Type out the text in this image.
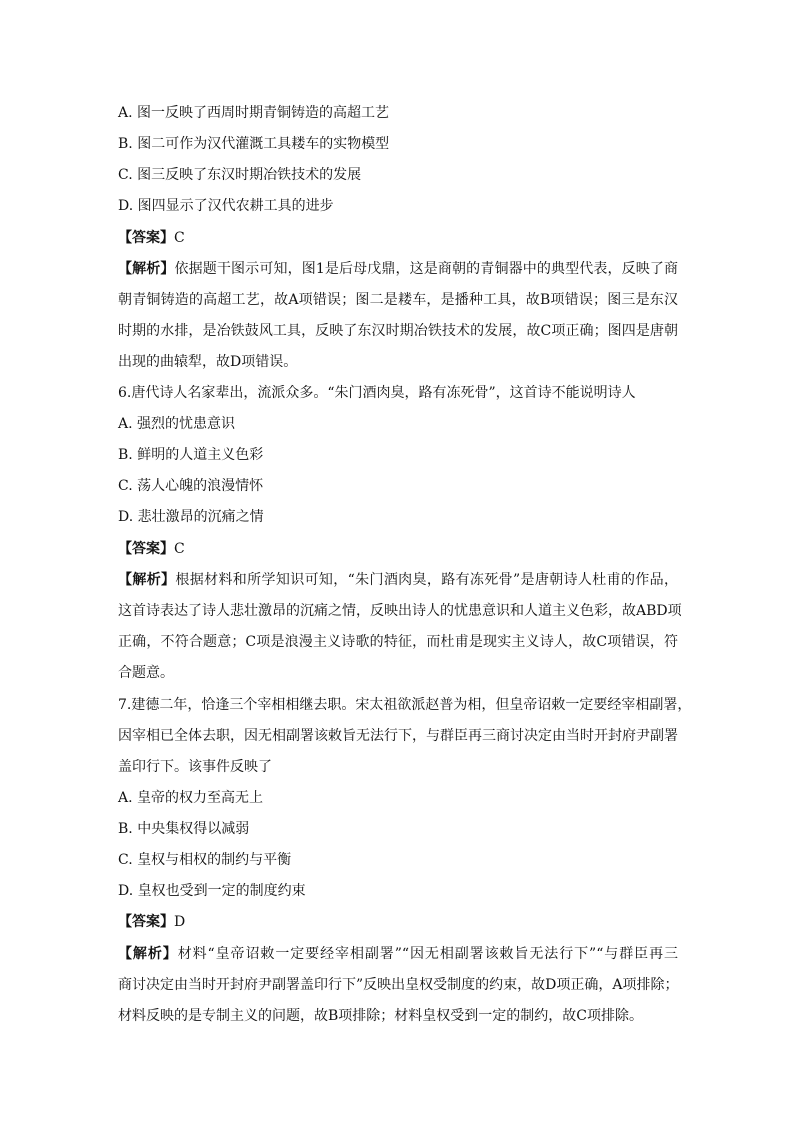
A. 图一反映了西周时期青铜铸造的高超工艺
B. 图二可作为汉代灌溉工具耧车的实物模型
C. 图三反映了东汉时期冶铁技术的发展
D. 图四显示了汉代农耕工具的进步
【答案】C
【解析】依据题干图示可知，图1是后母戊鼎，这是商朝的青铜器中的典型代表，反映了商
朝青铜铸造的高超工艺，故A项错误；图二是耧车，是播种工具，故B项错误；图三是东汉
时期的水排，是冶铁鼓风工具，反映了东汉时期冶铁技术的发展，故C项正确；图四是唐朝
出现的曲辕犁，故D项错误。
6.唐代诗人名家辈出，流派众多。“朱门酒肉臭，路有冻死骨”，这首诗不能说明诗人
A. 强烈的忧患意识
B. 鲜明的人道主义色彩
C. 荡人心魄的浪漫情怀
D. 悲壮激昂的沉痛之情
【答案】C
【解析】根据材料和所学知识可知，“朱门酒肉臭，路有冻死骨”是唐朝诗人杜甫的作品，
这首诗表达了诗人悲壮激昂的沉痛之情，反映出诗人的忧患意识和人道主义色彩，故ABD项
正确，不符合题意；C项是浪漫主义诗歌的特征，而杜甫是现实主义诗人，故C项错误，符
合题意。
7.建德二年，恰逢三个宰相相继去职。宋太祖欲派赵普为相，但皇帝诏敕一定要经宰相副署，
因宰相已全体去职，因无相副署该敕旨无法行下，与群臣再三商讨决定由当时开封府尹副署
盖印行下。该事件反映了
A. 皇帝的权力至高无上
B. 中央集权得以减弱
C. 皇权与相权的制约与平衡
D. 皇权也受到一定的制度约束
【答案】D
【解析】材料“皇帝诏敕一定要经宰相副署”“因无相副署该敕旨无法行下”“与群臣再三
商讨决定由当时开封府尹副署盖印行下”反映出皇权受制度的约束，故D项正确，A项排除；
材料反映的是专制主义的问题，故B项排除；材料皇权受到一定的制约，故C项排除。
